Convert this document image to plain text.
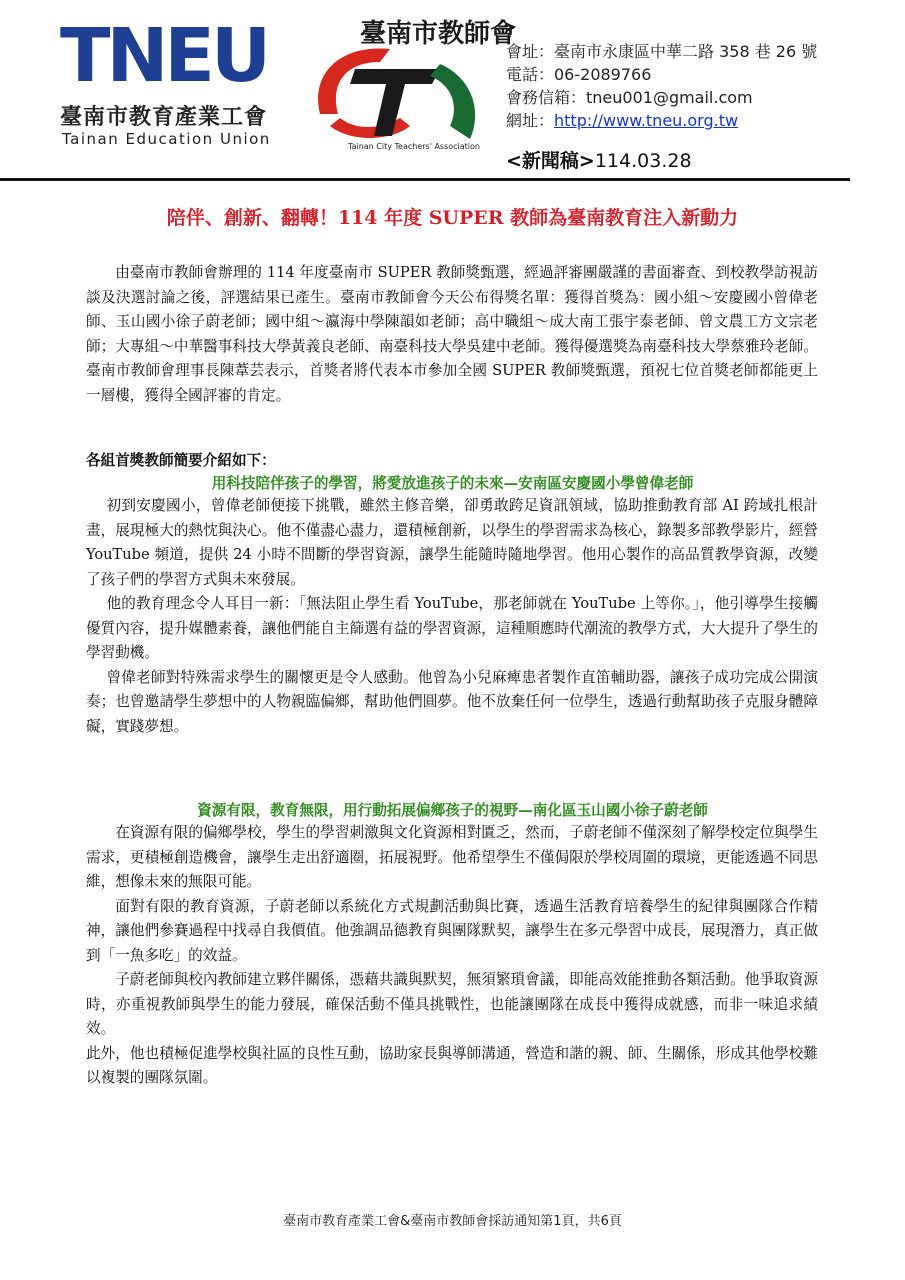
TNEU
臺南市教育產業工會
Tainan Education Union
臺南市教師會
Tainan City Teachers' Association
會址：臺南市永康區中華二路 358 巷 26 號
電話：06-2089766
會務信箱：tneu001@gmail.com
網址：http://www.tneu.org.tw
<新聞稿>114.03.28
陪伴、創新、翻轉！114 年度 SUPER 教師為臺南教育注入新動力

由臺南市教師會辦理的 114 年度臺南市 SUPER 教師獎甄選，經過評審團嚴謹的書面審查、到校教學訪視訪談及決選討論之後，評選結果已產生。臺南市教師會今天公布得獎名單：獲得首獎為：國小組～安慶國小曾偉老師、玉山國小徐子蔚老師；國中組～瀛海中學陳韻如老師；高中職組～成大南工張宇泰老師、曾文農工方文宗老師；大專組～中華醫事科技大學黃義良老師、南臺科技大學吳建中老師。獲得優選獎為南臺科技大學蔡雅玲老師。臺南市教師會理事長陳葦芸表示，首獎者將代表本市參加全國 SUPER 教師獎甄選，預祝七位首獎老師都能更上一層樓，獲得全國評審的肯定。

各組首獎教師簡要介紹如下：
用科技陪伴孩子的學習，將愛放進孩子的未來—安南區安慶國小學曾偉老師

初到安慶國小，曾偉老師便接下挑戰，雖然主修音樂，卻勇敢跨足資訊領域，協助推動教育部 AI 跨域扎根計畫，展現極大的熱忱與決心。他不僅盡心盡力，還積極創新，以學生的學習需求為核心，錄製多部教學影片，經營 YouTube 頻道，提供 24 小時不間斷的學習資源，讓學生能隨時隨地學習。他用心製作的高品質教學資源，改變了孩子們的學習方式與未來發展。

他的教育理念令人耳目一新：「無法阻止學生看 YouTube，那老師就在 YouTube 上等你。」，他引導學生接觸優質內容，提升媒體素養，讓他們能自主篩選有益的學習資源，這種順應時代潮流的教學方式，大大提升了學生的學習動機。

曾偉老師對特殊需求學生的關懷更是令人感動。他曾為小兒麻痺患者製作直笛輔助器，讓孩子成功完成公開演奏；也曾邀請學生夢想中的人物親臨偏鄉，幫助他們圓夢。他不放棄任何一位學生，透過行動幫助孩子克服身體障礙，實踐夢想。

資源有限，教育無限，用行動拓展偏鄉孩子的視野—南化區玉山國小徐子蔚老師

在資源有限的偏鄉學校，學生的學習刺激與文化資源相對匱乏，然而，子蔚老師不僅深刻了解學校定位與學生需求，更積極創造機會，讓學生走出舒適圈，拓展視野。他希望學生不僅侷限於學校周圍的環境，更能透過不同思維，想像未來的無限可能。

面對有限的教育資源，子蔚老師以系統化方式規劃活動與比賽，透過生活教育培養學生的紀律與團隊合作精神，讓他們參賽過程中找尋自我價值。他強調品德教育與團隊默契，讓學生在多元學習中成長，展現潛力，真正做到「一魚多吃」的效益。

子蔚老師與校內教師建立夥伴關係，憑藉共識與默契，無須繁瑣會議，即能高效能推動各類活動。他爭取資源時，亦重視教師與學生的能力發展，確保活動不僅具挑戰性，也能讓團隊在成長中獲得成就感，而非一味追求績效。

此外，他也積極促進學校與社區的良性互動，協助家長與導師溝通，營造和諧的親、師、生關係，形成其他學校難以複製的團隊氛圍。

臺南市教育產業工會&臺南市教師會採訪通知第1頁，共6頁
